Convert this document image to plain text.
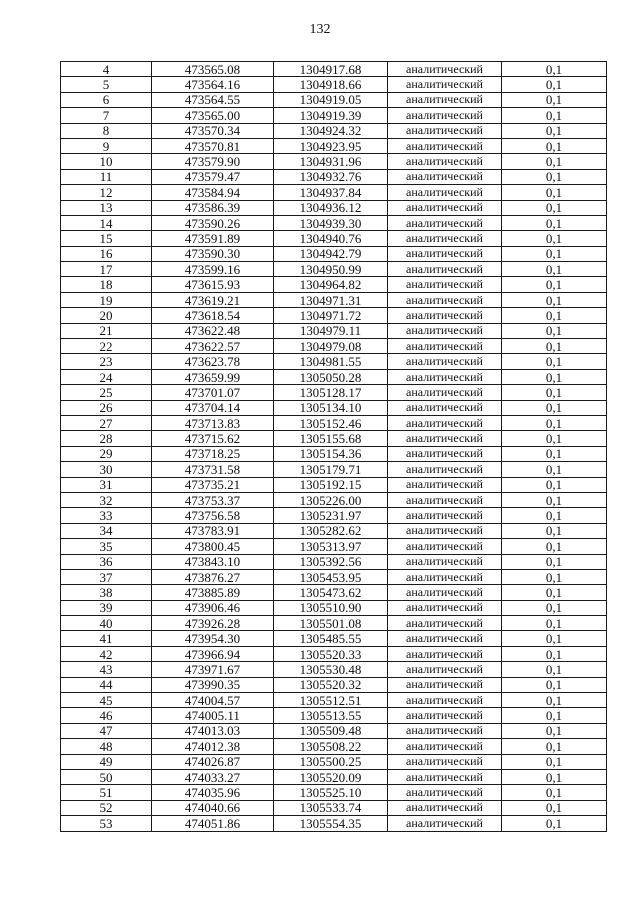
132
4	473565.08	1304917.68	аналитический	0,1
5	473564.16	1304918.66	аналитический	0,1
6	473564.55	1304919.05	аналитический	0,1
7	473565.00	1304919.39	аналитический	0,1
8	473570.34	1304924.32	аналитический	0,1
9	473570.81	1304923.95	аналитический	0,1
10	473579.90	1304931.96	аналитический	0,1
11	473579.47	1304932.76	аналитический	0,1
12	473584.94	1304937.84	аналитический	0,1
13	473586.39	1304936.12	аналитический	0,1
14	473590.26	1304939.30	аналитический	0,1
15	473591.89	1304940.76	аналитический	0,1
16	473590.30	1304942.79	аналитический	0,1
17	473599.16	1304950.99	аналитический	0,1
18	473615.93	1304964.82	аналитический	0,1
19	473619.21	1304971.31	аналитический	0,1
20	473618.54	1304971.72	аналитический	0,1
21	473622.48	1304979.11	аналитический	0,1
22	473622.57	1304979.08	аналитический	0,1
23	473623.78	1304981.55	аналитический	0,1
24	473659.99	1305050.28	аналитический	0,1
25	473701.07	1305128.17	аналитический	0,1
26	473704.14	1305134.10	аналитический	0,1
27	473713.83	1305152.46	аналитический	0,1
28	473715.62	1305155.68	аналитический	0,1
29	473718.25	1305154.36	аналитический	0,1
30	473731.58	1305179.71	аналитический	0,1
31	473735.21	1305192.15	аналитический	0,1
32	473753.37	1305226.00	аналитический	0,1
33	473756.58	1305231.97	аналитический	0,1
34	473783.91	1305282.62	аналитический	0,1
35	473800.45	1305313.97	аналитический	0,1
36	473843.10	1305392.56	аналитический	0,1
37	473876.27	1305453.95	аналитический	0,1
38	473885.89	1305473.62	аналитический	0,1
39	473906.46	1305510.90	аналитический	0,1
40	473926.28	1305501.08	аналитический	0,1
41	473954.30	1305485.55	аналитический	0,1
42	473966.94	1305520.33	аналитический	0,1
43	473971.67	1305530.48	аналитический	0,1
44	473990.35	1305520.32	аналитический	0,1
45	474004.57	1305512.51	аналитический	0,1
46	474005.11	1305513.55	аналитический	0,1
47	474013.03	1305509.48	аналитический	0,1
48	474012.38	1305508.22	аналитический	0,1
49	474026.87	1305500.25	аналитический	0,1
50	474033.27	1305520.09	аналитический	0,1
51	474035.96	1305525.10	аналитический	0,1
52	474040.66	1305533.74	аналитический	0,1
53	474051.86	1305554.35	аналитический	0,1
